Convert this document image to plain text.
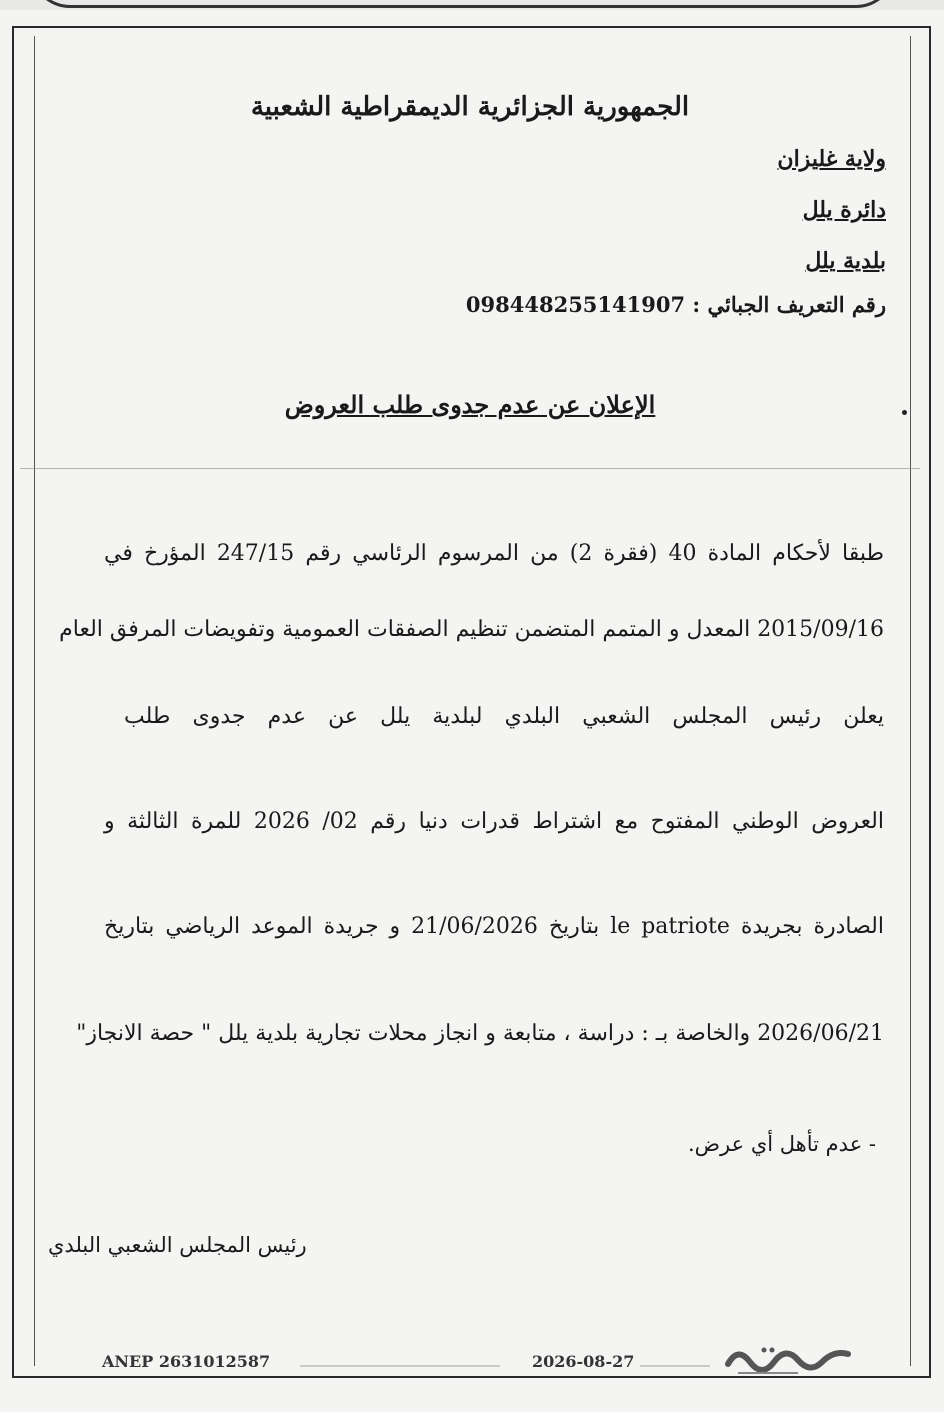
الجمهورية الجزائرية الديمقراطية الشعبية
ولاية غليزان
دائرة يلل
بلدية يلل
رقم التعريف الجبائي : 098448255141907
الإعلان عن عدم جدوى طلب العروض
طبقا لأحكام المادة 40 (فقرة 2) من المرسوم الرئاسي رقم 247/15 المؤرخ في
2015/09/16 المعدل و المتمم المتضمن تنظيم الصفقات العمومية وتفويضات المرفق العام
يعلن رئيس المجلس الشعبي البلدي لبلدية يلل عن عدم جدوى طلب
العروض الوطني المفتوح مع اشتراط قدرات دنيا رقم 02/ 2026 للمرة الثالثة و
الصادرة بجريدة le patriote بتاريخ 21/06/2026 و جريدة الموعد الرياضي بتاريخ
2026/06/21 والخاصة بـ : دراسة ، متابعة و انجاز محلات تجارية بلدية يلل " حصة الانجاز"
- عدم تأهل أي عرض.
رئيس المجلس الشعبي البلدي
ANEP 2631012587	2026-08-27
